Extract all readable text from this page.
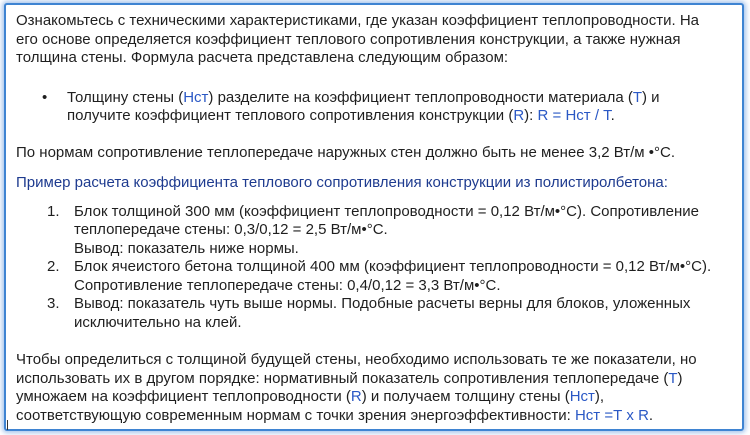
Ознакомьтесь с техническими характеристиками, где указан коэффициент теплопроводности. На
его основе определяется коэффициент теплового сопротивления конструкции, а также нужная
толщина стены. Формула расчета представлена следующим образом:

• Толщину стены (Нст) разделите на коэффициент теплопроводности материала (Т) и
получите коэффициент теплового сопротивления конструкции (R): R = Нст / Т.

По нормам сопротивление теплопередаче наружных стен должно быть не менее 3,2 Вт/м •°С.

Пример расчета коэффициента теплового сопротивления конструкции из полистиролбетона:

1. Блок толщиной 300 мм (коэффициент теплопроводности = 0,12 Вт/м•°С). Сопротивление
теплопередаче стены: 0,3/0,12 = 2,5 Вт/м•°С.
Вывод: показатель ниже нормы.
2. Блок ячеистого бетона толщиной 400 мм (коэффициент теплопроводности = 0,12 Вт/м•°С).
Сопротивление теплопередаче стены: 0,4/0,12 = 3,3 Вт/м•°С.
3. Вывод: показатель чуть выше нормы. Подобные расчеты верны для блоков, уложенных
исключительно на клей.

Чтобы определиться с толщиной будущей стены, необходимо использовать те же показатели, но
использовать их в другом порядке: нормативный показатель сопротивления теплопередаче (Т)
умножаем на коэффициент теплопроводности (R) и получаем толщину стены (Нст),
соответствующую современным нормам с точки зрения энергоэффективности: Нст =Т х R.
